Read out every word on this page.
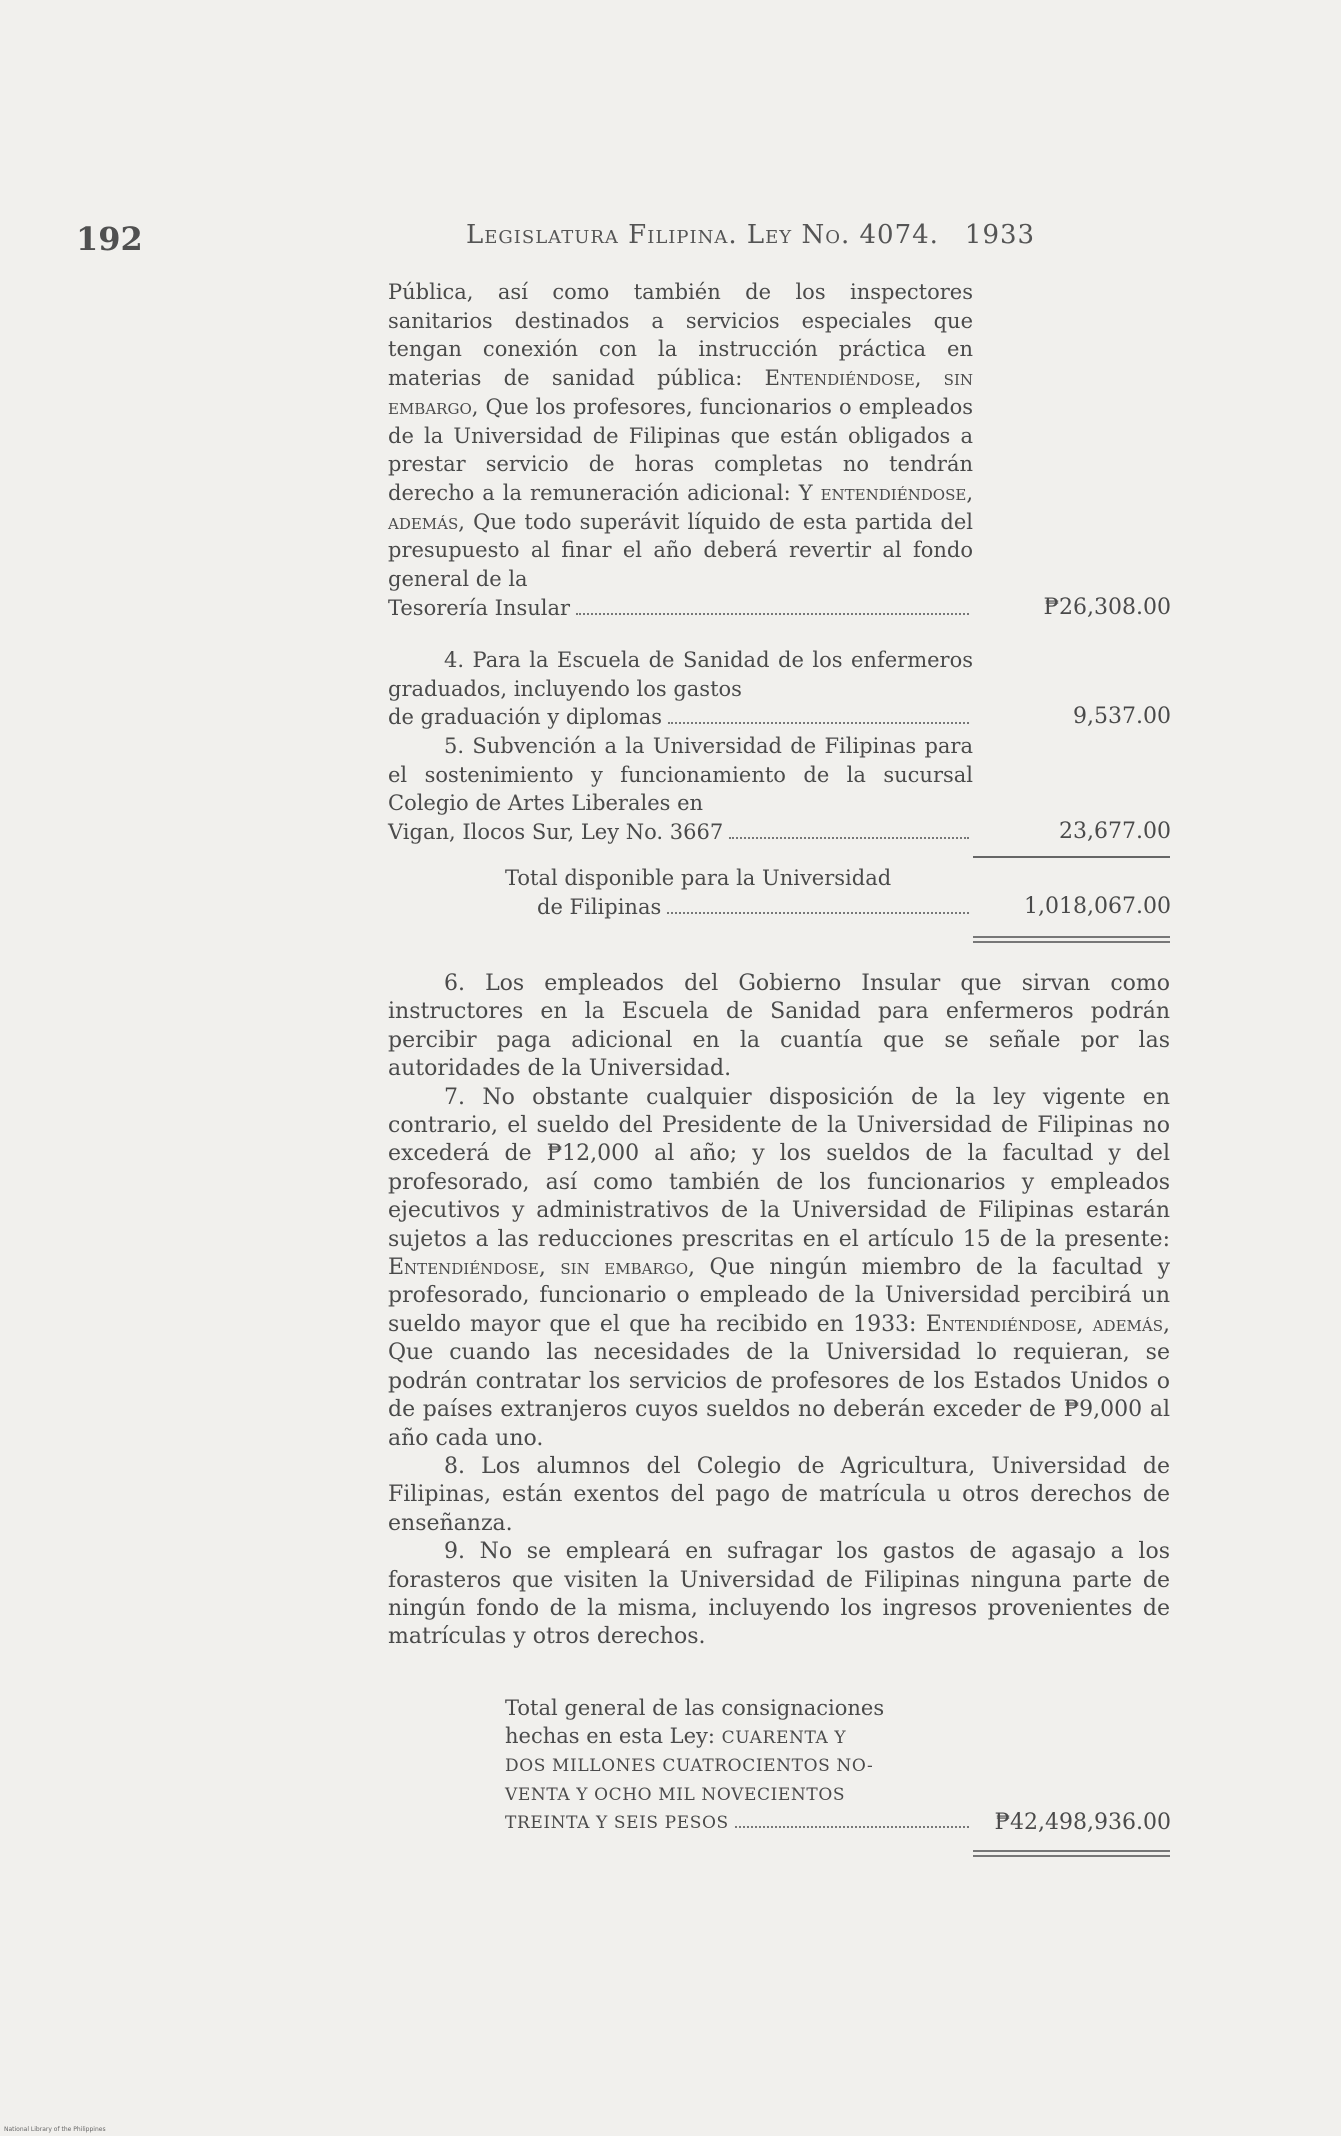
192	Legislatura Filipina. Ley No. 4074. 1933
Pública, así como también de los inspectores sanitarios destinados a servicios especiales que tengan conexión con la instrucción práctica en materias de sanidad pública: Entendiéndose, sin embargo, Que los profesores, funcionarios o empleados de la Universidad de Filipinas que están obligados a prestar servicio de horas completas no tendrán derecho a la remuneración adicional: Y entendiéndose, además, Que todo superávit líquido de esta partida del presupuesto al finar el año deberá revertir al fondo general de la
Tesorería Insular	₱26,308.00
4. Para la Escuela de Sanidad de los enfermeros graduados, incluyendo los gastos
de graduación y diplomas	9,537.00
5. Subvención a la Universidad de Filipinas para el sostenimiento y funcionamiento de la sucursal Colegio de Artes Liberales en
Vigan, Ilocos Sur, Ley No. 3667	23,677.00
Total disponible para la Universidad
de Filipinas	1,018,067.00

6. Los empleados del Gobierno Insular que sirvan como instructores en la Escuela de Sanidad para enfermeros podrán percibir paga adicional en la cuantía que se señale por las autoridades de la Universidad.

7. No obstante cualquier disposición de la ley vigente en contrario, el sueldo del Presidente de la Universidad de Filipinas no excederá de ₱12,000 al año; y los sueldos de la facultad y del profesorado, así como también de los funcionarios y empleados ejecutivos y administrativos de la Universidad de Filipinas estarán sujetos a las reducciones prescritas en el artículo 15 de la presente: Entendiéndose, sin embargo, Que ningún miembro de la facultad y profesorado, funcionario o empleado de la Universidad percibirá un sueldo mayor que el que ha recibido en 1933: Entendiéndose, además, Que cuando las necesidades de la Universidad lo requieran, se podrán contratar los servicios de profesores de los Estados Unidos o de países extranjeros cuyos sueldos no deberán exceder de ₱9,000 al año cada uno.

8. Los alumnos del Colegio de Agricultura, Universidad de Filipinas, están exentos del pago de matrícula u otros derechos de enseñanza.

9. No se empleará en sufragar los gastos de agasajo a los forasteros que visiten la Universidad de Filipinas ninguna parte de ningún fondo de la misma, incluyendo los ingresos provenientes de matrículas y otros derechos.

Total general de las consignaciones
hechas en esta Ley: CUARENTA Y
DOS MILLONES CUATROCIENTOS NO-
VENTA Y OCHO MIL NOVECIENTOS
TREINTA Y SEIS PESOS	₱42,498,936.00
National Library of the Philippines
